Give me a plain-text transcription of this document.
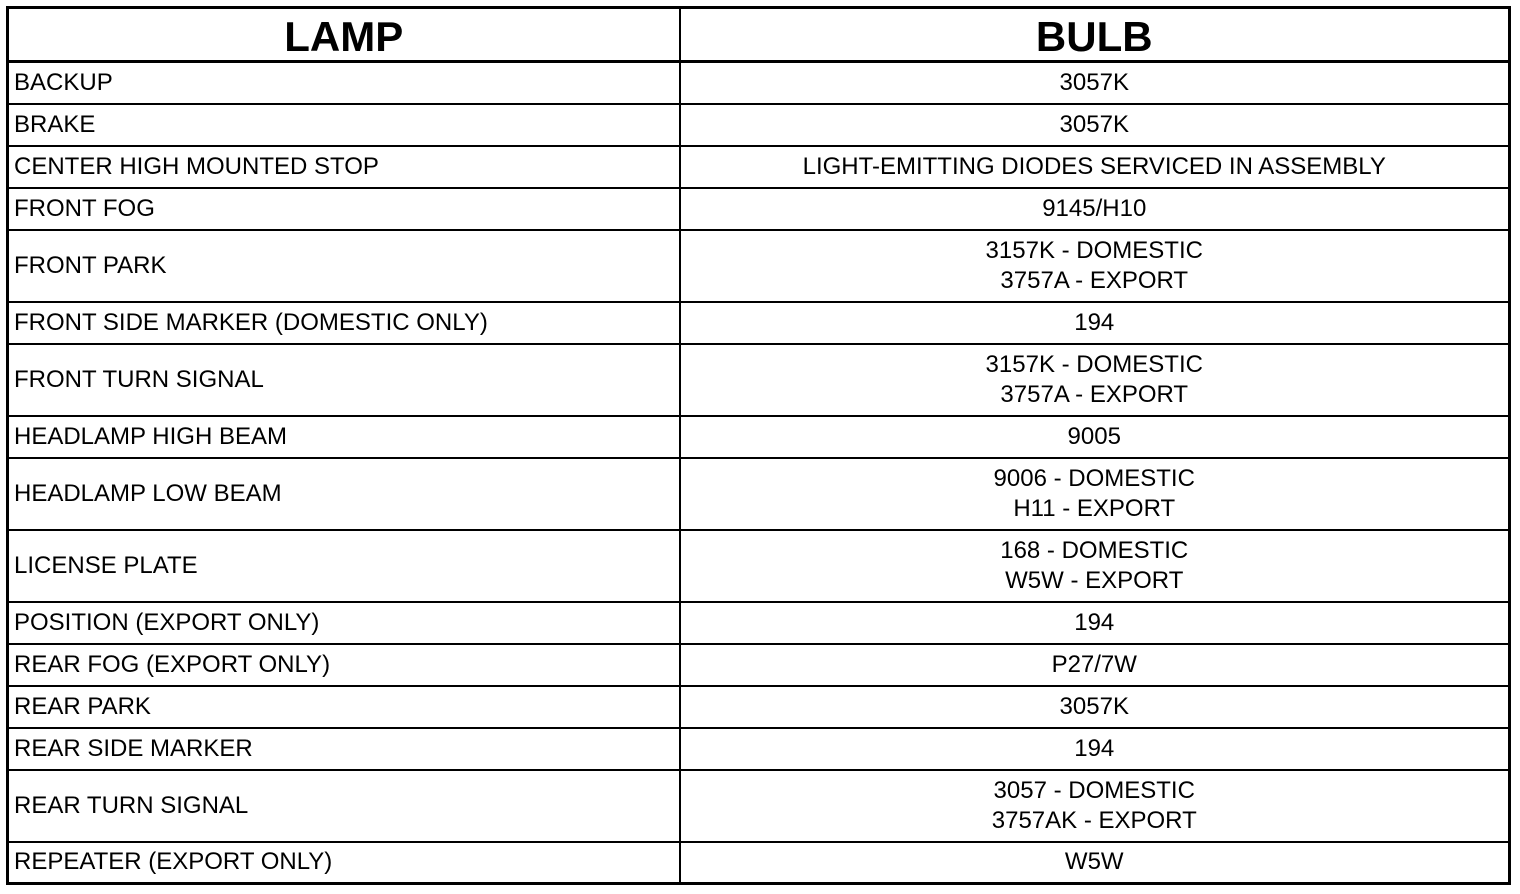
LAMP	BULB
BACKUP	3057K

BRAKE	3057K

CENTER HIGH MOUNTED STOP	LIGHT-EMITTING DIODES SERVICED IN ASSEMBLY

FRONT FOG	9145/H10

FRONT PARK	3157K - DOMESTIC
3757A - EXPORT

FRONT SIDE MARKER (DOMESTIC ONLY)	194

FRONT TURN SIGNAL	3157K - DOMESTIC
3757A - EXPORT

HEADLAMP HIGH BEAM	9005

HEADLAMP LOW BEAM	9006 - DOMESTIC
H11 - EXPORT

LICENSE PLATE	168 - DOMESTIC
W5W - EXPORT

POSITION (EXPORT ONLY)	194

REAR FOG (EXPORT ONLY)	P27/7W

REAR PARK	3057K

REAR SIDE MARKER	194

REAR TURN SIGNAL	3057 - DOMESTIC
3757AK - EXPORT

REPEATER (EXPORT ONLY)	W5W
